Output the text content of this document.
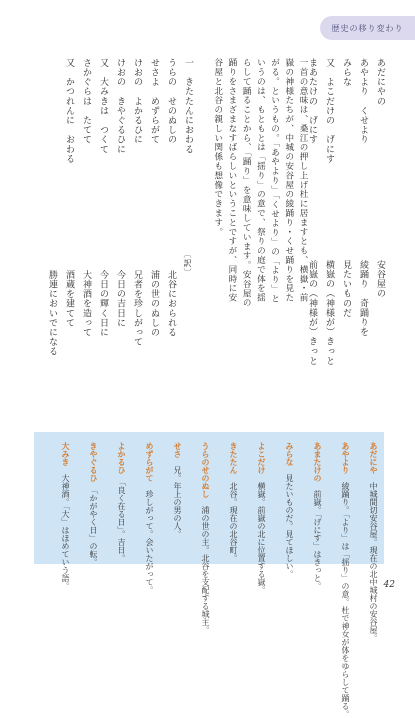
歴史の移り変わり
あだにやの
あやより　くせより
みらな
又　よこだけの　げにす
まあたけの　げにす
安谷屋の
綾踊り　奇踊りを
見たいものだ
横嶽の（神様が）きっと
前嶽の（神様が）きっと
一首の意味は、桑江の押し上げ杜に居ますとも、横嶽・前嶽の神様たちが、中城の安谷屋の綾踊り・くせ踊りを見たがる。というもの。「あやより」「くせより」の「より」というのは、もともとは「揺り」の意で、祭りの庭で体を揺らして踊ることから、「踊り」を意味しています。安谷屋の踊りをさまざまなすばらしいということですが、同時に安谷屋と北谷の親しい関係も想像できます。
一　きたたんにおわる
うらの　せのぬしの
せさよ　めずらがて
けおの　よかるひに
けおの　きやぐるひに
又　大みきは　つくて
さかぐらは　たてて
又　かつれんに　おわる
〔訳〕
北谷におられる
浦の世のぬしの
兄者を珍しがって
今日の吉日に
今日の輝く日に
大神酒を造って
酒蔵を建てて
勝連においでになる
あだにや　中城間切安谷屋。現在の北中城村の安谷屋。
あやより　綾踊り。「より」は「揺り」の意。杜で神女が体をゆらして踊る。
あまたけの　前嶽。「げにす」はきっと。
みらな　見たいものだ。見てほしい。
よこだけ　横嶽。前嶽の北に位置する嶽。
きたたん　北谷。現在の北谷町。
うらのせのぬし　浦の世の主。北谷を支配する城主。
せさ　兄。年上の男の人。
めずらがて　珍しがって。会いたがって。
よかるひ　「良く在る日」。吉日。
きやぐるひ　「かがやく日」の転。
大みき　大神酒。「大」はほめていう語。	42
